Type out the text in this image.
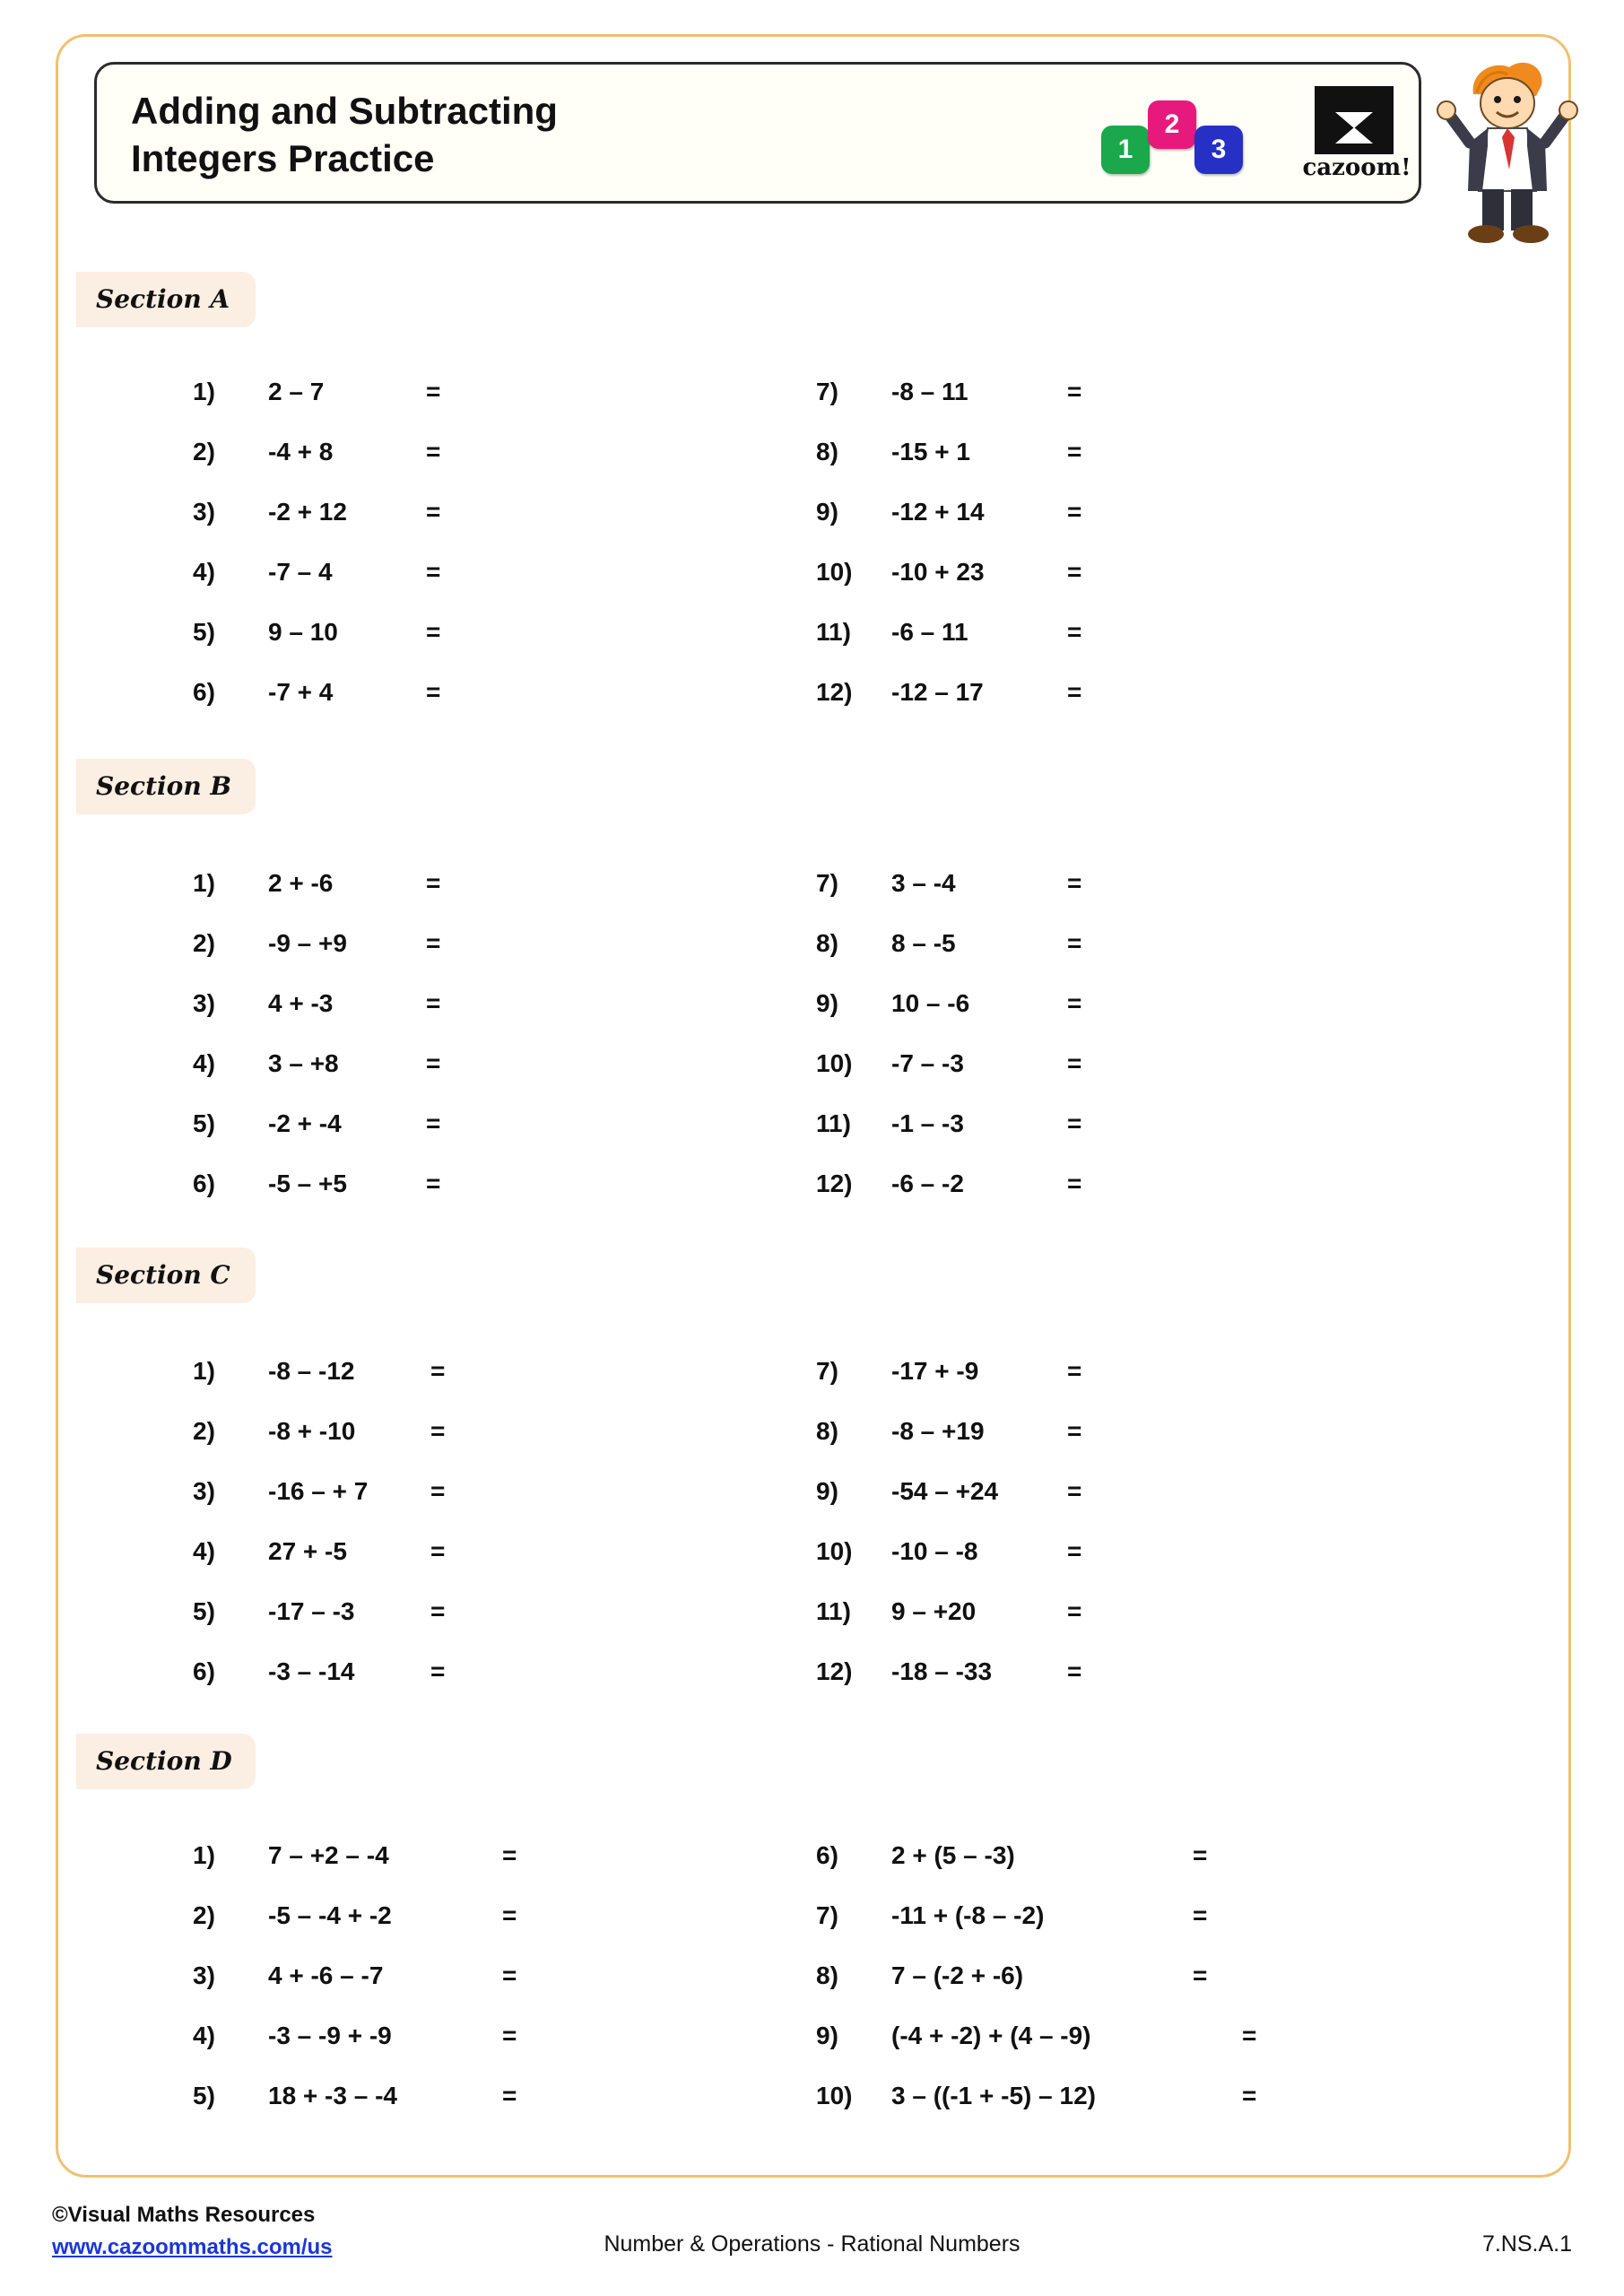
Adding and Subtracting
Integers Practice	1
2
3
cazoom!
Section A
1)	2 – 7	=
2)	-4 + 8	=
3)	-2 + 12	=
4)	-7 – 4	=
5)	9 – 10	=
6)	-7 + 4	=
7)	-8 – 11	=
8)	-15 + 1	=
9)	-12 + 14	=
10)	-10 + 23	=
11)	-6 – 11	=
12)	-12 – 17	=
Section B
1)	2 + -6	=
2)	-9 – +9	=
3)	4 + -3	=
4)	3 – +8	=
5)	-2 + -4	=
6)	-5 – +5	=
7)	3 – -4	=
8)	8 – -5	=
9)	10 – -6	=
10)	-7 – -3	=
11)	-1 – -3	=
12)	-6 – -2	=
Section C
1)	-8 – -12	=
2)	-8 + -10	=
3)	-16 – + 7 =
4)	27 + -5	=
5)	-17 – -3	=
6)	-3 – -14	=
7)	-17 + -9	=
8)	-8 – +19	=
9)	-54 – +24	=
10)	-10 – -8	=
11)	9 – +20	=
12)	-18 – -33	=
Section D
1)	7 – +2 – -4	=
2)	-5 – -4 + -2	=
3)	4 + -6 – -7	=
4)	-3 – -9 + -9	=
5)	18 + -3 – -4	=
6)	2 + (5 – -3)	=
7)	-11 + (-8 – -2)	=
8)	7 – (-2 + -6)	=
9)	(-4 + -2) + (4 – -9)	=
10)	3 – ((-1 + -5) – 12)	=
©Visual Maths Resources
www.cazoommaths.com/us	Number & Operations - Rational Numbers	7.NS.A.1
